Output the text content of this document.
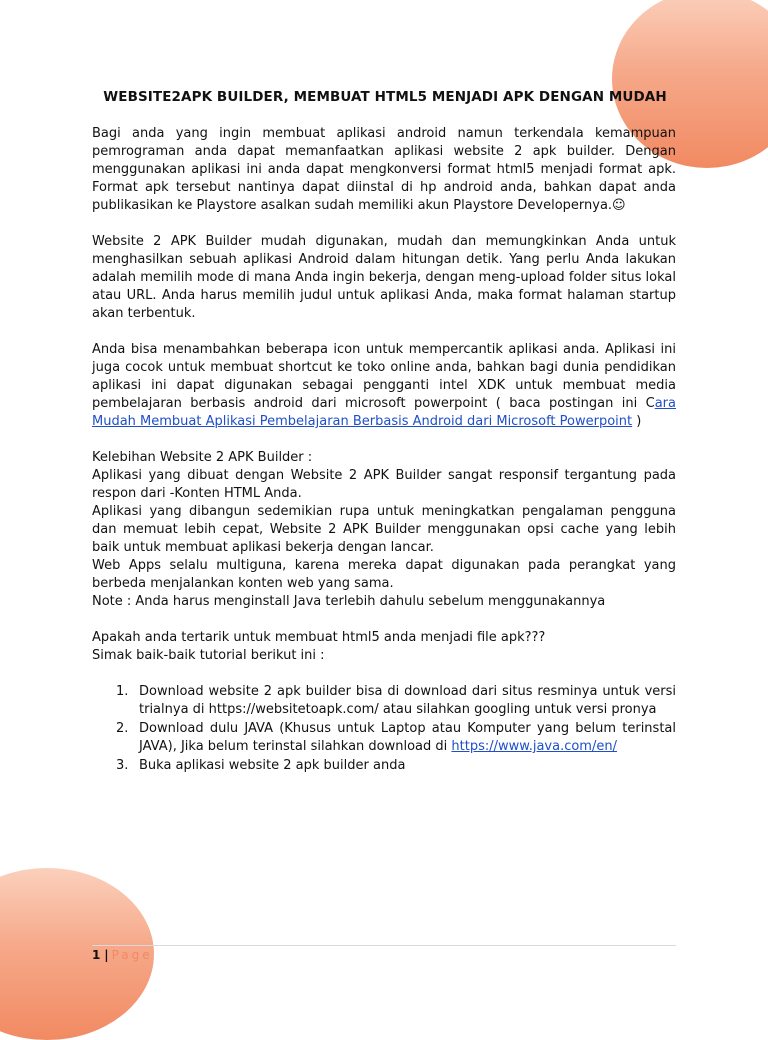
WEBSITE2APK BUILDER, MEMBUAT HTML5 MENJADI APK DENGAN MUDAH

Bagi anda yang ingin membuat aplikasi android namun terkendala kemampuan pemrograman anda dapat memanfaatkan aplikasi website 2 apk builder. Dengan menggunakan aplikasi ini anda dapat mengkonversi format html5 menjadi format apk. Format apk tersebut nantinya dapat diinstal di hp android anda, bahkan dapat anda publikasikan ke Playstore asalkan sudah memiliki akun Playstore Developernya.☺

Website 2 APK Builder mudah digunakan, mudah dan memungkinkan Anda untuk menghasilkan sebuah aplikasi Android dalam hitungan detik. Yang perlu Anda lakukan adalah memilih mode di mana Anda ingin bekerja, dengan meng-upload folder situs lokal atau URL. Anda harus memilih judul untuk aplikasi Anda, maka format halaman startup akan terbentuk.

Anda bisa menambahkan beberapa icon untuk mempercantik aplikasi anda. Aplikasi ini juga cocok untuk membuat shortcut ke toko online anda, bahkan bagi dunia pendidikan aplikasi ini dapat digunakan sebagai pengganti intel XDK untuk membuat media pembelajaran berbasis android dari microsoft powerpoint ( baca postingan ini Cara Mudah Membuat Aplikasi Pembelajaran Berbasis Android dari Microsoft Powerpoint )

Kelebihan Website 2 APK Builder :

Aplikasi yang dibuat dengan Website 2 APK Builder sangat responsif tergantung pada respon dari -Konten HTML Anda.

Aplikasi yang dibangun sedemikian rupa untuk meningkatkan pengalaman pengguna dan memuat lebih cepat, Website 2 APK Builder menggunakan opsi cache yang lebih baik untuk membuat aplikasi bekerja dengan lancar.

Web Apps selalu multiguna, karena mereka dapat digunakan pada perangkat yang berbeda menjalankan konten web yang sama.

Note : Anda harus menginstall Java terlebih dahulu sebelum menggunakannya

Apakah anda tertarik untuk membuat html5 anda menjadi file apk???

Simak baik-baik tutorial berikut ini :

1. Download website 2 apk builder bisa di download dari situs resminya untuk versi trialnya di https://websitetoapk.com/ atau silahkan googling untuk versi pronya
2. Download dulu JAVA (Khusus untuk Laptop atau Komputer yang belum terinstal JAVA), Jika belum terinstal silahkan download di https://www.java.com/en/
3. Buka aplikasi website 2 apk builder anda
1 | Page
